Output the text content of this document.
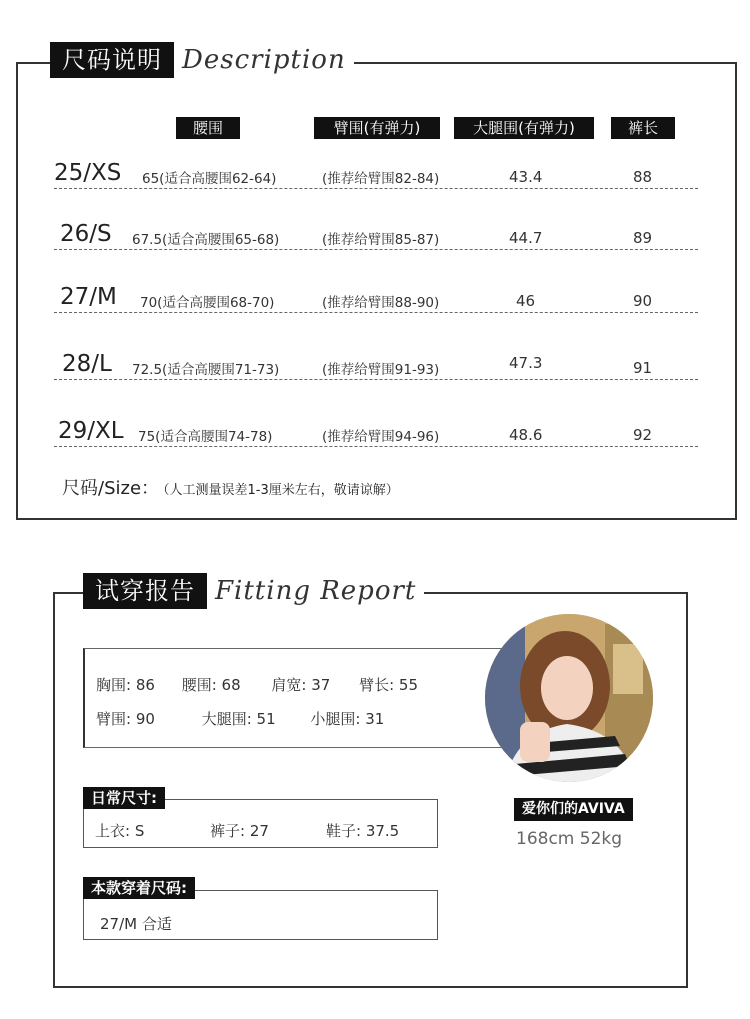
尺码说明 Description
腰围	臂围(有弹力)	大腿围(有弹力)	裤长
25/XS 65(适合高腰围62-64)	(推荐给臂围82-84)	43.4	88
26/S 67.5(适合高腰围65-68)	(推荐给臂围85-87)	44.7	89
27/M 70(适合高腰围68-70)	(推荐给臂围88-90)	46	90
28/L 72.5(适合高腰围71-73)	(推荐给臂围91-93)	47.3	91
29/XL 75(适合高腰围74-78)	(推荐给臂围94-96)	48.6	92
尺码/Size： （人工测量误差1-3厘米左右，敬请谅解）
试穿报告 Fitting Report
胸围: 86 腰围: 68 肩宽: 37 臂长: 55
臂围: 90	大腿围: 51 小腿围: 31
日常尺寸:
上衣: S	裤子: 27	鞋子: 37.5
本款穿着尺码:
27/M 合适
爱你们的AVIVA
168cm 52kg
